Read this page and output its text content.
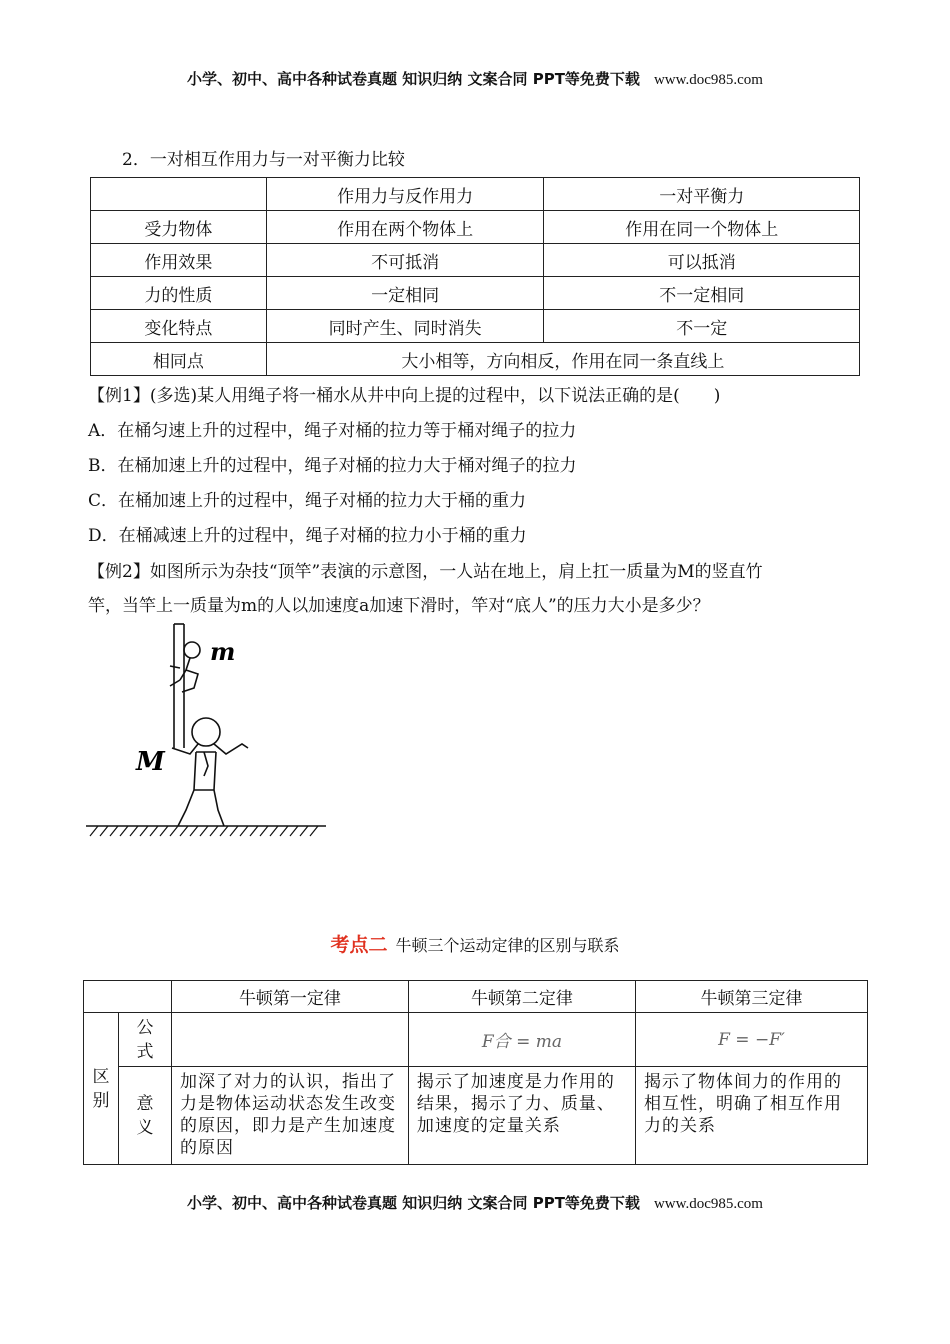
小学、初中、高中各种试卷真题 知识归纳 文案合同 PPT等免费下载 www.doc985.com
2．一对相互作用力与一对平衡力比较
	作用力与反作用力	一对平衡力
受力物体	作用在两个物体上	作用在同一个物体上
作用效果	不可抵消	可以抵消
力的性质	一定相同	不一定相同
变化特点	同时产生、同时消失	不一定
相同点	大小相等，方向相反，作用在同一条直线上	
【例1】(多选)某人用绳子将一桶水从井中向上提的过程中，以下说法正确的是(　　)
A．在桶匀速上升的过程中，绳子对桶的拉力等于桶对绳子的拉力
B．在桶加速上升的过程中，绳子对桶的拉力大于桶对绳子的拉力
C．在桶加速上升的过程中，绳子对桶的拉力大于桶的重力
D．在桶减速上升的过程中，绳子对桶的拉力小于桶的重力
【例2】如图所示为杂技“顶竿”表演的示意图，一人站在地上，肩上扛一质量为M的竖直竹
竿，当竿上一质量为m的人以加速度a加速下滑时，竿对“底人”的压力大小是多少？
m
M
考点二 牛顿三个运动定律的区别与联系
		牛顿第一定律	牛顿第二定律	牛顿第三定律
区别	公式		F合 = ma	F = −F′
	意义	加深了对力的认识，指出了力是物体运动状态发生改变的原因，即力是产生加速度的原因	揭示了加速度是力作用的结果，揭示了力、质量、加速度的定量关系	揭示了物体间力的作用的相互性，明确了相互作用力的关系
小学、初中、高中各种试卷真题 知识归纳 文案合同 PPT等免费下载 www.doc985.com
